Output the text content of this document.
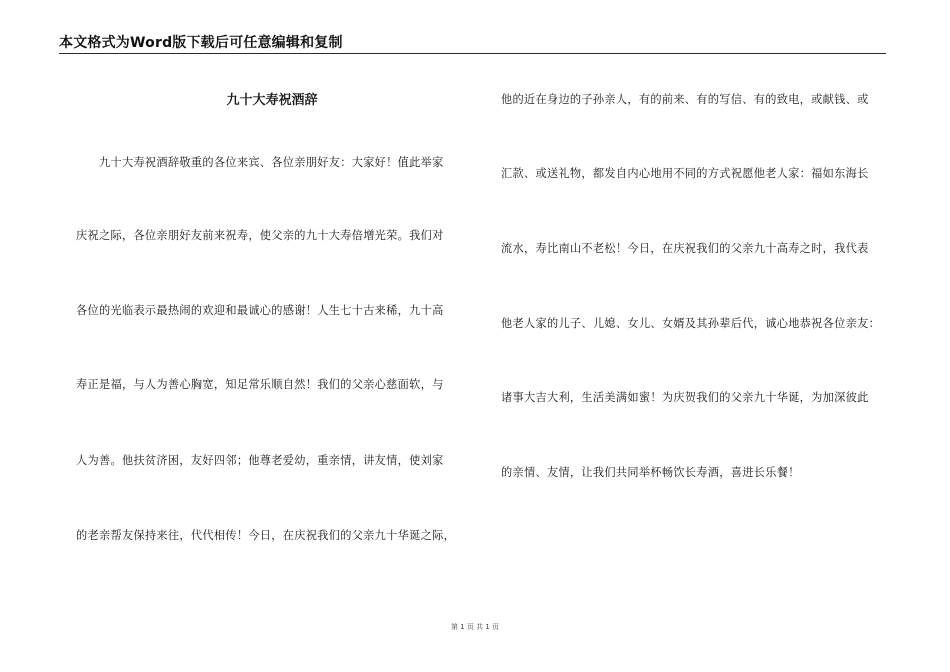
本文格式为Word版下载后可任意编辑和复制
九十大寿祝酒辞
　　九十大寿祝酒辞敬重的各位来宾、各位亲朋好友：大家好！值此举家
庆祝之际，各位亲朋好友前来祝寿，使父亲的九十大寿倍增光荣。我们对
各位的光临表示最热闹的欢迎和最诚心的感谢！人生七十古来稀，九十高
寿正是福，与人为善心胸宽，知足常乐顺自然！我们的父亲心慈面软，与
人为善。他扶贫济困，友好四邻；他尊老爱幼，重亲情，讲友情，使刘家
的老亲帮友保持来往，代代相传！今日，在庆祝我们的父亲九十华诞之际，
他的近在身边的子孙亲人，有的前来、有的写信、有的致电，或献钱、或
汇款、或送礼物，都发自内心地用不同的方式祝愿他老人家：福如东海长
流水，寿比南山不老松！今日，在庆祝我们的父亲九十高寿之时，我代表
他老人家的儿子、儿媳、女儿、女婿及其孙辈后代，诚心地恭祝各位亲友：
诸事大吉大利，生活美满如蜜！为庆贺我们的父亲九十华诞，为加深彼此
的亲情、友情，让我们共同举杯畅饮长寿酒，喜进长乐餐！
第 1 页 共 1 页
